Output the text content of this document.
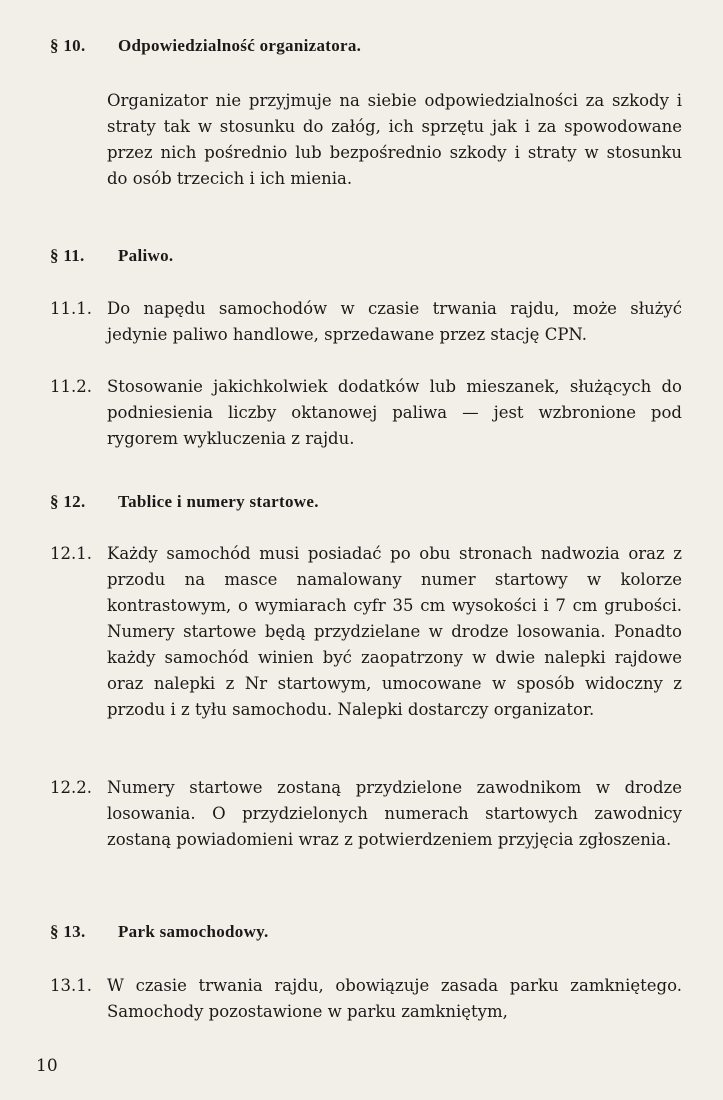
§ 10. Odpowiedzialność organizatora.
Organizator nie przyjmuje na siebie odpowiedzialności za szkody i straty tak w stosunku do załóg, ich sprzętu jak i za spowodowane przez nich pośrednio lub bezpośrednio szkody i straty w stosunku do osób trzecich i ich mienia.
§ 11. Paliwo.
11.1. Do napędu samochodów w czasie trwania rajdu, może służyć jedynie paliwo handlowe, sprzedawane przez stację CPN.
11.2. Stosowanie jakichkolwiek dodatków lub mieszanek, służących do podniesienia liczby oktanowej paliwa — jest wzbronione pod rygorem wykluczenia z rajdu.
§ 12. Tablice i numery startowe.
12.1. Każdy samochód musi posiadać po obu stronach nadwozia oraz z przodu na masce namalowany numer startowy w kolorze kontrastowym, o wymiarach cyfr 35 cm wysokości i 7 cm grubości. Numery startowe będą przydzielane w drodze losowania. Ponadto każdy samochód winien być zaopatrzony w dwie nalepki rajdowe oraz nalepki z Nr startowym, umocowane w sposób widoczny z przodu i z tyłu samochodu. Nalepki dostarczy organizator.
12.2. Numery startowe zostaną przydzielone zawodnikom w drodze losowania. O przydzielonych numerach startowych zawodnicy zostaną powiadomieni wraz z potwierdzeniem przyjęcia zgłoszenia.
§ 13. Park samochodowy.
13.1. W czasie trwania rajdu, obowiązuje zasada parku zamkniętego. Samochody pozostawione w parku zamkniętym,
10
